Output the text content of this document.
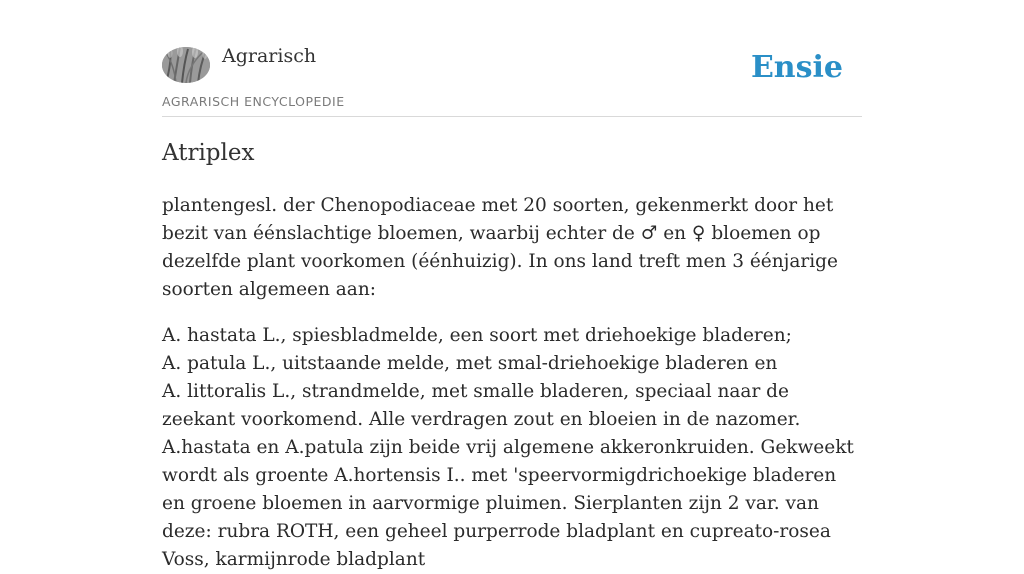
Agrarisch
AGRARISCH ENCYCLOPEDIE
Ensie
Atriplex

plantengesl. der Chenopodiaceae met 20 soorten, gekenmerkt door het bezit van éénslachtige bloemen, waarbij echter de ♂ en ♀ bloemen op dezelfde plant voorkomen (éénhuizig). In ons land treft men 3 éénjarige soorten algemeen aan:

A. hastata L., spiesbladmelde, een soort met driehoekige bladeren;

A. patula L., uitstaande melde, met smal-driehoekige bladeren en

A. littoralis L., strandmelde, met smalle bladeren, speciaal naar de zeekant voorkomend. Alle verdragen zout en bloeien in de nazomer.

A.hastata en A.patula zijn beide vrij algemene akkeronkruiden. Gekweekt wordt als groente A.hortensis I.. met 'speervormigdrichoekige bladeren en groene bloemen in aarvormige pluimen. Sierplanten zijn 2 var. van deze: rubra ROTH, een geheel purperrode bladplant en cupreato-rosea Voss, karmijnrode bladplant
